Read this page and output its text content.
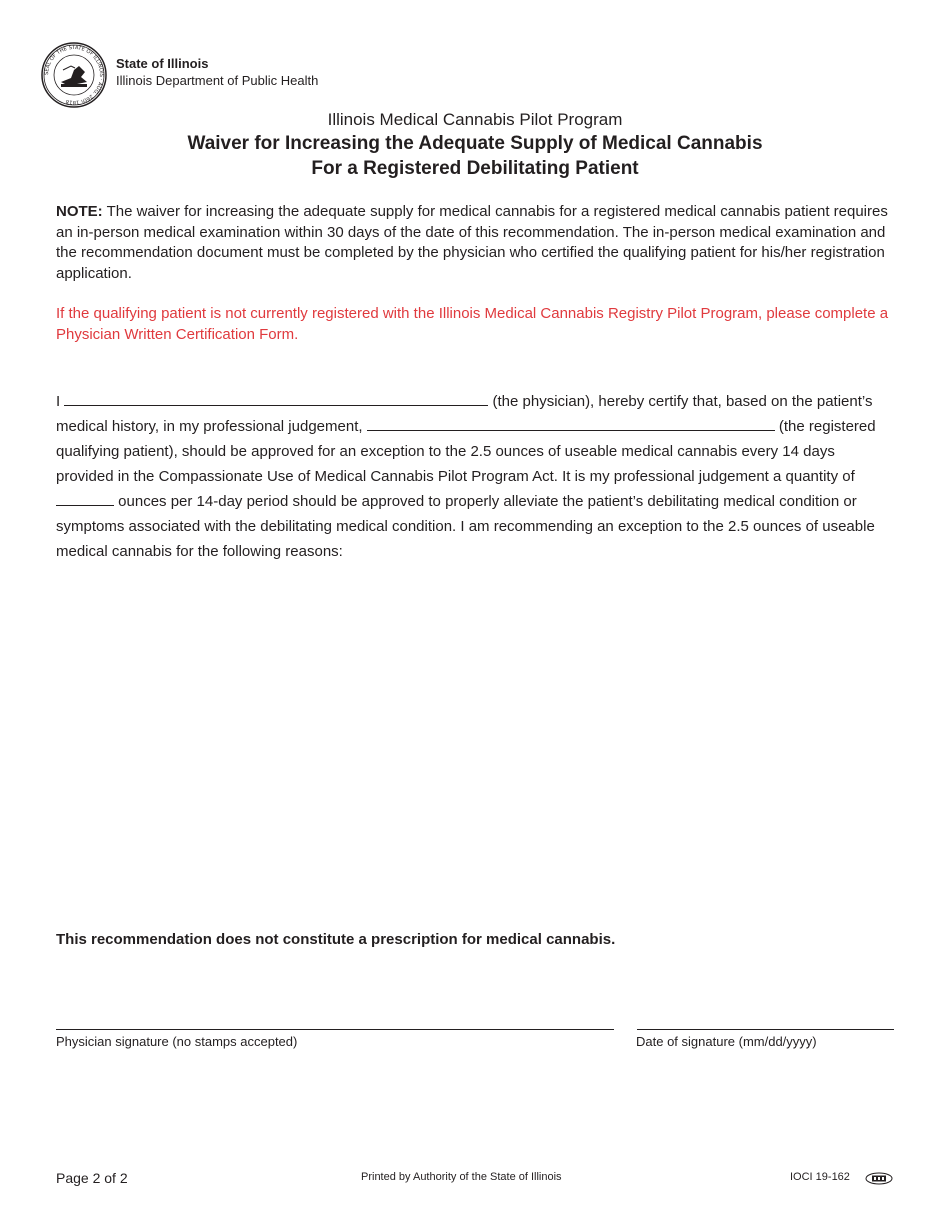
SEAL OF THE STATE OF ILLINOIS · AUG. 26th 1818
State of Illinois
Illinois Department of Public Health
Illinois Medical Cannabis Pilot Program
Waiver for Increasing the Adequate Supply of Medical Cannabis
For a Registered Debilitating Patient
NOTE: The waiver for increasing the adequate supply for medical cannabis for a registered medical cannabis patient requires an in-person medical examination within 30 days of the date of this recommendation. The in-person medical examination and the recommendation document must be completed by the physician who certified the qualifying patient for his/her registration application.
If the qualifying patient is not currently registered with the Illinois Medical Cannabis Registry Pilot Program, please complete a Physician Written Certification Form.
I	(the physician), hereby certify that, based on the patient’s medical history, in my professional judgement,	(the registered qualifying patient), should be approved for an exception to the 2.5 ounces of useable medical cannabis every 14 days provided in the Compassionate Use of Medical Cannabis Pilot Program Act. It is my professional judgement a quantity of  ounces per 14-day period should be approved to properly alleviate the patient’s debilitating medical condition or symptoms associated with the debilitating medical condition. I am recommending an exception to the 2.5 ounces of useable medical cannabis for the following reasons:
This recommendation does not constitute a prescription for medical cannabis.
Physician signature (no stamps accepted)	Date of signature (mm/dd/yyyy)
Page 2 of 2	Printed by Authority of the State of Illinois	IOCI 19-162
